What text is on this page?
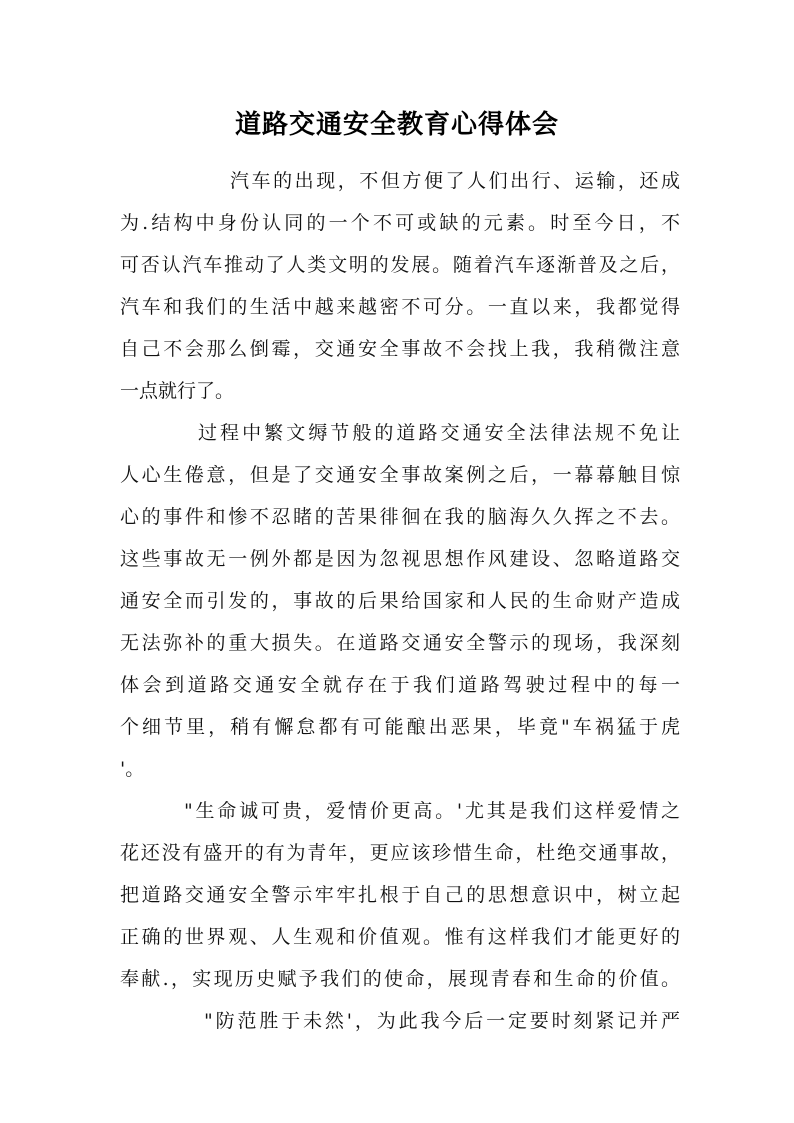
道路交通安全教育心得体会
汽车的出现，不但方便了人们出行、运输，还成
为.结构中身份认同的一个不可或缺的元素。时至今日，不
可否认汽车推动了人类文明的发展。随着汽车逐渐普及之后，
汽车和我们的生活中越来越密不可分。一直以来，我都觉得
自己不会那么倒霉，交通安全事故不会找上我，我稍微注意
一点就行了。
过程中繁文缛节般的道路交通安全法律法规不免让
人心生倦意，但是了交通安全事故案例之后，一幕幕触目惊
心的事件和惨不忍睹的苦果徘徊在我的脑海久久挥之不去。
这些事故无一例外都是因为忽视思想作风建设、忽略道路交
通安全而引发的，事故的后果给国家和人民的生命财产造成
无法弥补的重大损失。在道路交通安全警示的现场，我深刻
体会到道路交通安全就存在于我们道路驾驶过程中的每一
个细节里，稍有懈怠都有可能酿出恶果，毕竟"车祸猛于虎
'。
"生命诚可贵，爱情价更高。'尤其是我们这样爱情之
花还没有盛开的有为青年，更应该珍惜生命，杜绝交通事故，
把道路交通安全警示牢牢扎根于自己的思想意识中，树立起
正确的世界观、人生观和价值观。惟有这样我们才能更好的
奉献.，实现历史赋予我们的使命，展现青春和生命的价值。
"防范胜于未然'，为此我今后一定要时刻紧记并严
